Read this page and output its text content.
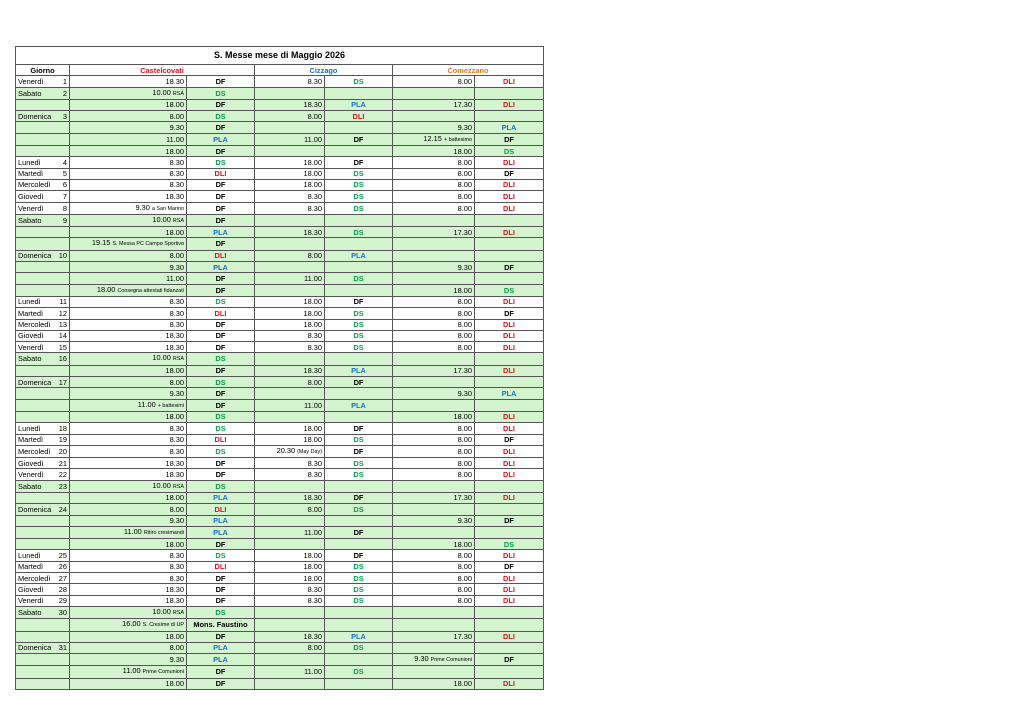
S. Messe mese di Maggio 2026						
Giorno	Castelcovati		Cizzago		Comezzano	

Venerdì 1	18.30	DF	8.30	DS	8.00	DLI

Sabato 2	10.00 RSA	DS				

	18.00	DF	18.30	PLA	17.30	DLI

Domenica 3	8.00	DS	8.00	DLI		

	9.30	DF			9.30	PLA

	11.00	PLA	11.00	DF	12.15 + battesimo	DF

	18.00	DF			18.00	DS

Lunedì 4	8.30	DS	18.00	DF	8.00	DLI

Martedì 5	8.30	DLI	18.00	DS	8.00	DF

Mercoledì 6	8.30	DF	18.00	DS	8.00	DLI

Giovedì 7	18.30	DF	8.30	DS	8.00	DLI

Venerdì 8	9.30 a San Marino	DF	8.30	DS	8.00	DLI

Sabato 9	10.00 RSA	DF				

	18.00	PLA	18.30	DS	17.30	DLI

	19.15 S. Messa PC Campo Sportivo	DF				

Domenica 10	8.00	DLI	8.00	PLA		

	9.30	PLA			9.30	DF

	11.00	DF	11.00	DS		

	18.00 Consegna attestati fidanzati	DF			18.00	DS

Lunedì 11	8.30	DS	18.00	DF	8.00	DLI

Martedì 12	8.30	DLI	18.00	DS	8.00	DF

Mercoledì 13	8.30	DF	18.00	DS	8.00	DLI

Giovedì 14	18.30	DF	8.30	DS	8.00	DLI

Venerdì 15	18.30	DF	8.30	DS	8.00	DLI

Sabato 16	10.00 RSA	DS				

	18.00	DF	18.30	PLA	17.30	DLI

Domenica 17	8.00	DS	8.00	DF		

	9.30	DF			9.30	PLA

	11.00 + battesimi	DF	11.00	PLA		

	18.00	DS			18.00	DLI

Lunedì 18	8.30	DS	18.00	DF	8.00	DLI

Martedì 19	8.30	DLI	18.00	DS	8.00	DF

Mercoledì 20	8.30	DS	20.30 (May Day)	DF	8.00	DLI

Giovedì 21	18.30	DF	8.30	DS	8.00	DLI

Venerdì 22	18.30	DF	8.30	DS	8.00	DLI

Sabato 23	10.00 RSA	DS				

	18.00	PLA	18.30	DF	17.30	DLI

Domenica 24	8.00	DLI	8.00	DS		

	9.30	PLA			9.30	DF

	11.00 Ritiro cresimandi	PLA	11.00	DF		

	18.00	DF			18.00	DS

Lunedì 25	8.30	DS	18.00	DF	8.00	DLI

Martedì 26	8.30	DLI	18.00	DS	8.00	DF

Mercoledì 27	8.30	DF	18.00	DS	8.00	DLI

Giovedì 28	18.30	DF	8.30	DS	8.00	DLI

Venerdì 29	18.30	DF	8.30	DS	8.00	DLI

Sabato 30	10.00 RSA	DS				

	16.00 S. Cresime di UP	Mons. Faustino				

	18.00	DF	18.30	PLA	17.30	DLI

Domenica 31	8.00	PLA	8.00	DS		

	9.30	PLA			9.30 Prime Comunioni	DF

	11.00 Prime Comunioni	DF	11.00	DS		

	18.00	DF			18.00	DLI
